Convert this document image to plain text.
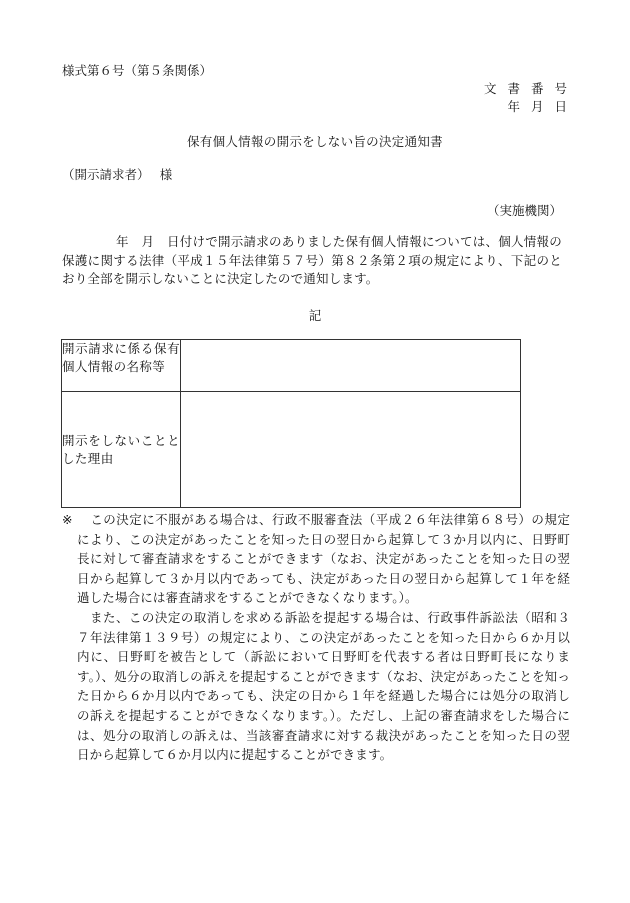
様式第６号（第５条関係）
文書番号
年月日
保有個人情報の開示をしない旨の決定通知書
（開示請求者）　 様
（実施機関）
年　月　日付けで開示請求のありました保有個人情報については、個人情報の保護に関する法律（平成１５年法律第５７号）第８２条第２項の規定により、下記のとおり全部を開示しないことに決定したので通知します。
記
開示請求に係る保有個人情報の名称等	
開示をしないこととした理由	
※ この決定に不服がある場合は、行政不服審査法（平成２６年法律第６８号）の規定により、この決定があったことを知った日の翌日から起算して３か月以内に、日野町長に対して審査請求をすることができます（なお、決定があったことを知った日の翌日から起算して３か月以内であっても、決定があった日の翌日から起算して１年を経過した場合には審査請求をすることができなくなります。）。
また、この決定の取消しを求める訴訟を提起する場合は、行政事件訴訟法（昭和３７年法律第１３９号）の規定により、この決定があったことを知った日から６か月以内に、日野町を被告として（訴訟において日野町を代表する者は日野町長になります。）、処分の取消しの訴えを提起することができます（なお、決定があったことを知った日から６か月以内であっても、決定の日から１年を経過した場合には処分の取消しの訴えを提起することができなくなります。）。ただし、上記の審査請求をした場合には、処分の取消しの訴えは、当該審査請求に対する裁決があったことを知った日の翌日から起算して６か月以内に提起することができます。
